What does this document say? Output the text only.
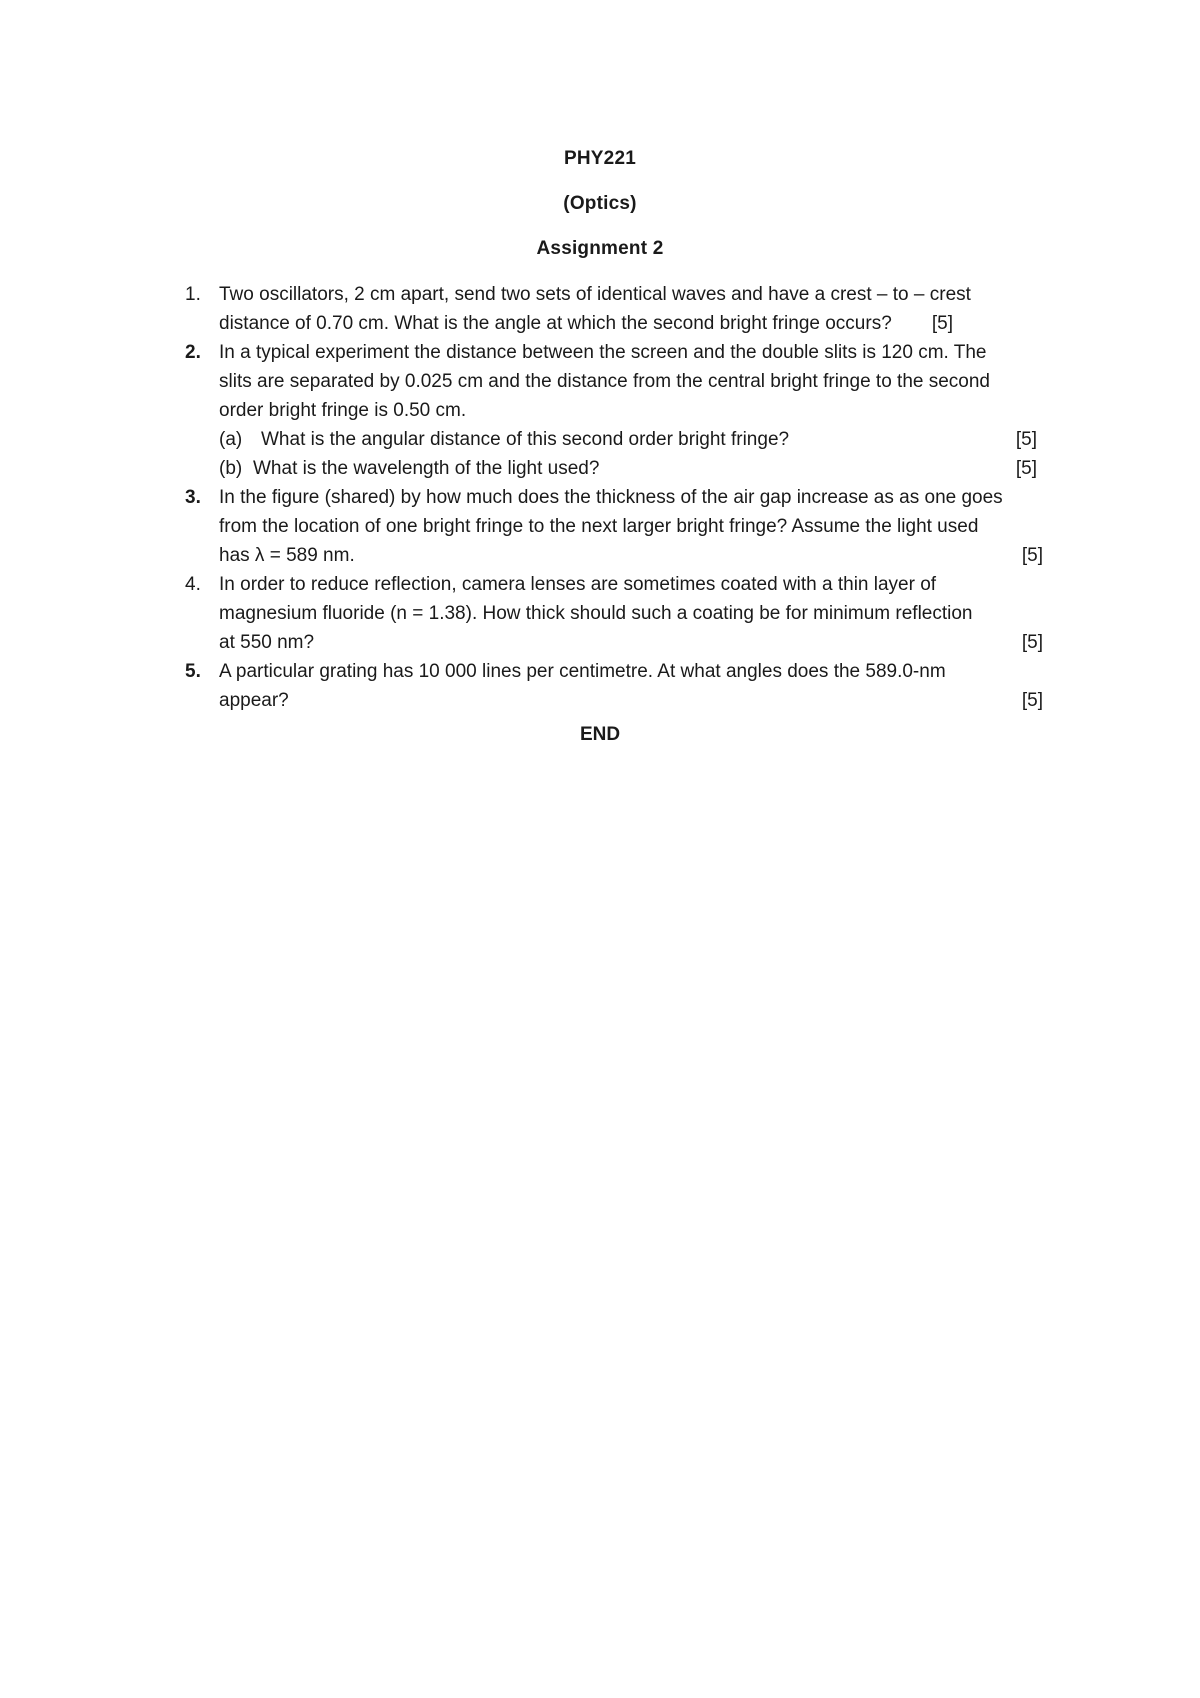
PHY221
(Optics)
Assignment 2
1. Two oscillators, 2 cm apart, send two sets of identical waves and have a crest – to – crest
distance of 0.70 cm. What is the angle at which the second bright fringe occurs? [5]
2. In a typical experiment the distance between the screen and the double slits is 120 cm. The
slits are separated by 0.025 cm and the distance from the central bright fringe to the second
order bright fringe is 0.50 cm.
(a) What is the angular distance of this second order bright fringe?	[5]
(b) What is the wavelength of the light used?	[5]
3. In the figure (shared) by how much does the thickness of the air gap increase as as one goes
from the location of one bright fringe to the next larger bright fringe? Assume the light used
has λ = 589 nm.	[5]
4. In order to reduce reflection, camera lenses are sometimes coated with a thin layer of
magnesium fluoride (n = 1.38). How thick should such a coating be for minimum reflection
at 550 nm?	[5]
5. A particular grating has 10 000 lines per centimetre. At what angles does the 589.0-nm
appear?	[5]
END
